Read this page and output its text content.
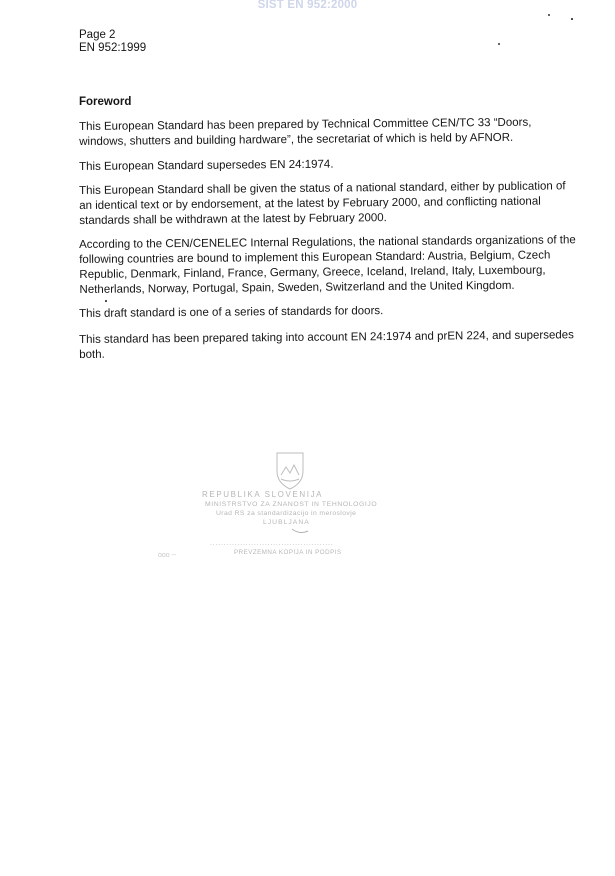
SIST EN 952:2000
Page 2
EN 952:1999
Foreword

This European Standard has been prepared by Technical Committee CEN/TC 33 “Doors, windows, shutters and building hardware”, the secretariat of which is held by AFNOR.

This European Standard supersedes EN 24:1974.

This European Standard shall be given the status of a national standard, either by publication of an identical text or by endorsement, at the latest by February 2000, and conflicting national standards shall be withdrawn at the latest by February 2000.

According to the CEN/CENELEC Internal Regulations, the national standards organizations of the following countries are bound to implement this European Standard: Austria, Belgium, Czech Republic, Denmark, Finland, France, Germany, Greece, Iceland, Ireland, Italy, Luxembourg, Netherlands, Norway, Portugal, Spain, Sweden, Switzerland and the United Kingdom.

This draft standard is one of a series of standards for doors.

This standard has been prepared taking into account EN 24:1974 and prEN 224, and supersedes both.

REPUBLIKA SLOVENIJA
MINISTRSTVO ZA ZNANOST IN TEHNOLOGIJO
Urad RS za standardizacijo in meroslovje
LJUBLJANA
.............................................
PREVZEMNA KOPIJA IN PODPIS
ooo --
